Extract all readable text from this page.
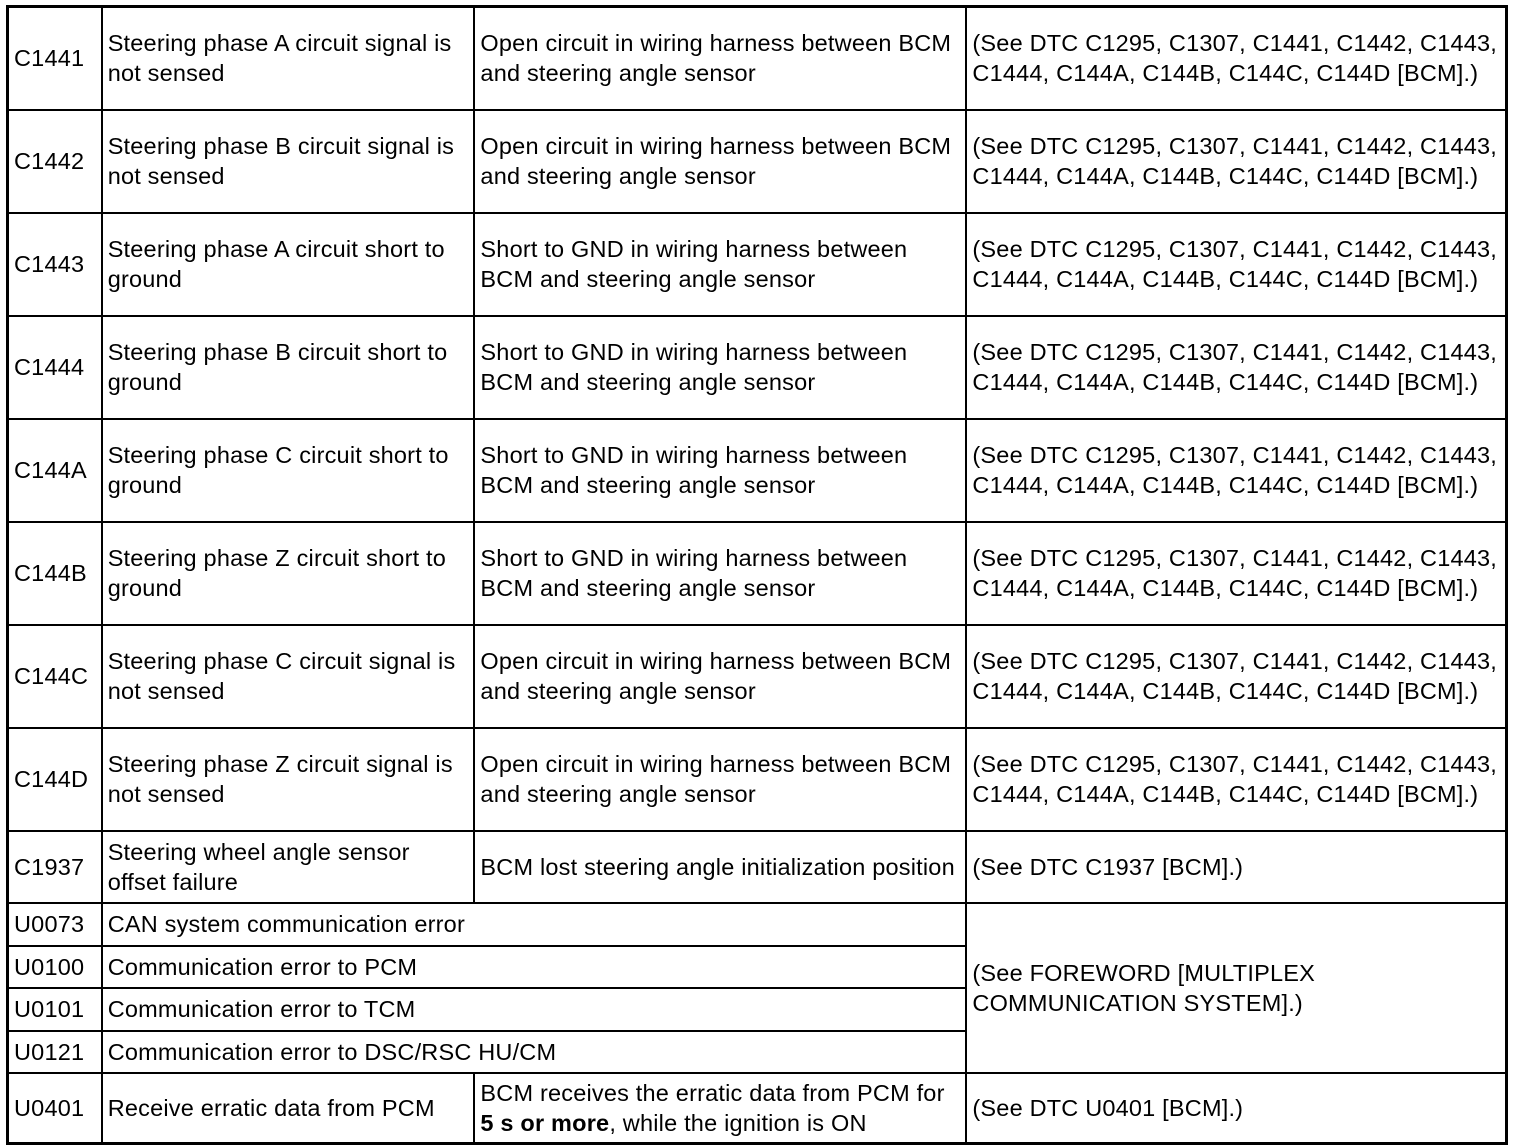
C1441	Steering phase A circuit signal is not sensed	Open circuit in wiring harness between BCM and steering angle sensor	(See DTC C1295, C1307, C1441, C1442, C1443, C1444, C144A, C144B, C144C, C144D [BCM].)
C1442	Steering phase B circuit signal is not sensed	Open circuit in wiring harness between BCM and steering angle sensor	(See DTC C1295, C1307, C1441, C1442, C1443, C1444, C144A, C144B, C144C, C144D [BCM].)
C1443	Steering phase A circuit short to ground	Short to GND in wiring harness between BCM and steering angle sensor	(See DTC C1295, C1307, C1441, C1442, C1443, C1444, C144A, C144B, C144C, C144D [BCM].)
C1444	Steering phase B circuit short to ground	Short to GND in wiring harness between BCM and steering angle sensor	(See DTC C1295, C1307, C1441, C1442, C1443, C1444, C144A, C144B, C144C, C144D [BCM].)
C144A	Steering phase C circuit short to ground	Short to GND in wiring harness between BCM and steering angle sensor	(See DTC C1295, C1307, C1441, C1442, C1443, C1444, C144A, C144B, C144C, C144D [BCM].)
C144B	Steering phase Z circuit short to ground	Short to GND in wiring harness between BCM and steering angle sensor	(See DTC C1295, C1307, C1441, C1442, C1443, C1444, C144A, C144B, C144C, C144D [BCM].)
C144C	Steering phase C circuit signal is not sensed	Open circuit in wiring harness between BCM and steering angle sensor	(See DTC C1295, C1307, C1441, C1442, C1443, C1444, C144A, C144B, C144C, C144D [BCM].)
C144D	Steering phase Z circuit signal is not sensed	Open circuit in wiring harness between BCM and steering angle sensor	(See DTC C1295, C1307, C1441, C1442, C1443, C1444, C144A, C144B, C144C, C144D [BCM].)
C1937	Steering wheel angle sensor offset failure	BCM lost steering angle initialization position	(See DTC C1937 [BCM].)
U0073	CAN system communication error		(See FOREWORD [MULTIPLEX COMMUNICATION SYSTEM].)
U0100	Communication error to PCM		
U0101	Communication error to TCM		
U0121	Communication error to DSC/RSC HU/CM		
U0401	Receive erratic data from PCM	BCM receives the erratic data from PCM for 5 s or more, while the ignition is ON	(See DTC U0401 [BCM].)
